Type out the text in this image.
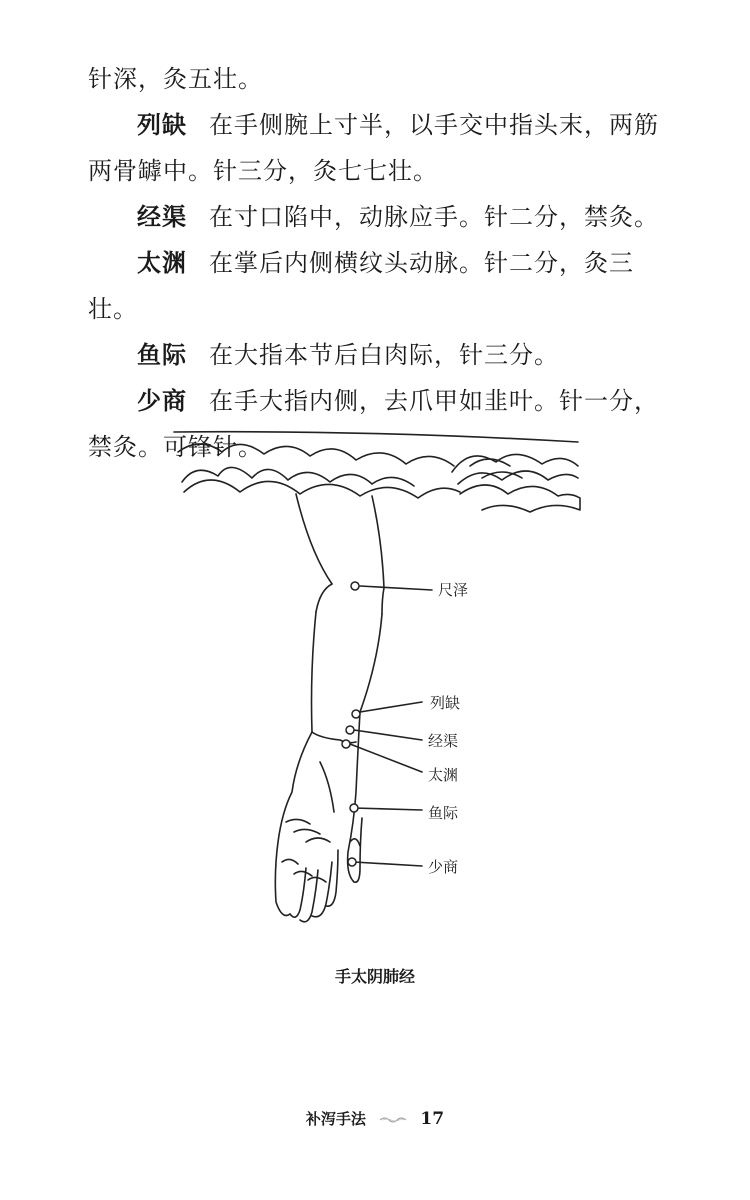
针深，灸五壮。

列缺 在手侧腕上寸半，以手交中指头末，两筋两骨罅中。针三分，灸七七壮。

经渠 在寸口陷中，动脉应手。针二分，禁灸。

太渊 在掌后内侧横纹头动脉。针二分，灸三壮。

鱼际 在大指本节后白肉际，针三分。

少商 在手大指内侧，去爪甲如韭叶。针一分，禁灸。可锋针。

尺泽
列缺
经渠
太渊
鱼际
少商
手太阴肺经
补泻手法	17
